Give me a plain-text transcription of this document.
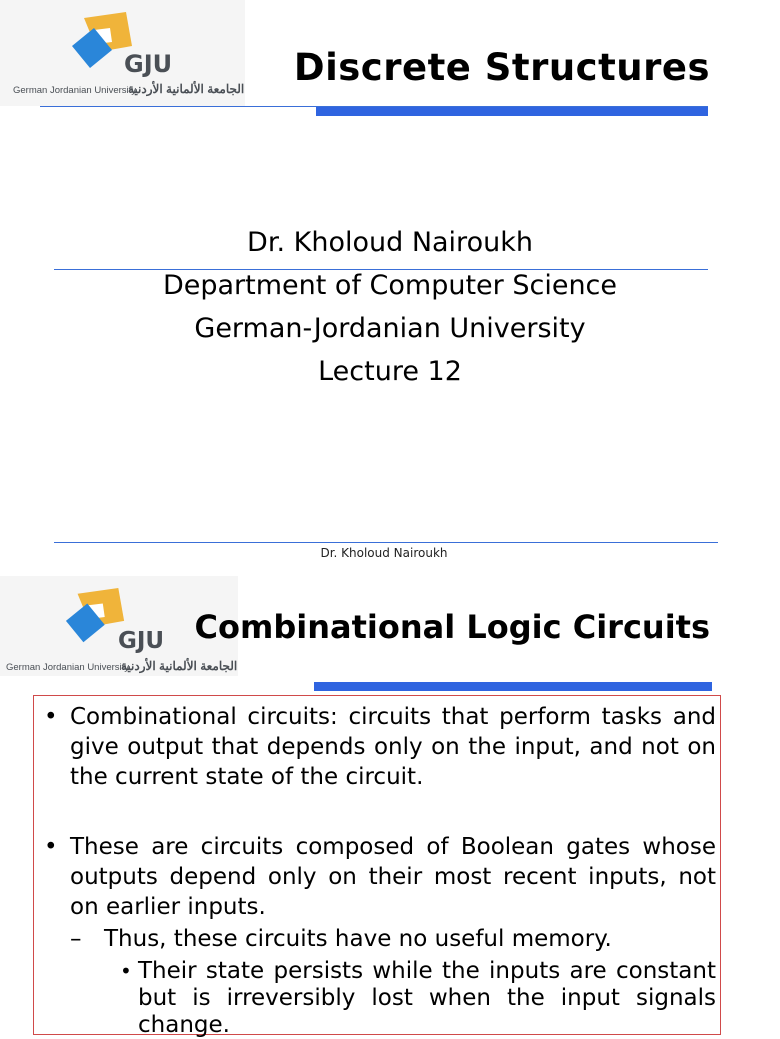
GJU
German Jordanian University
الجامعة الألمانية الأردنية Discrete Structures
Dr. Kholoud Nairoukh
Department of Computer Science
German-Jordanian University
Lecture 12
Dr. Kholoud Nairoukh
GJU
German Jordanian University
الجامعة الألمانية الأردنية
Combinational Logic Circuits
• Combinational circuits: circuits that perform tasks and give output that depends only on the input, and not on the current state of the circuit.
• These are circuits composed of Boolean gates whose outputs depend only on their most recent inputs, not on earlier inputs.
– Thus, these circuits have no useful memory.
• Their state persists while the inputs are constant but is irreversibly lost when the input signals change.
